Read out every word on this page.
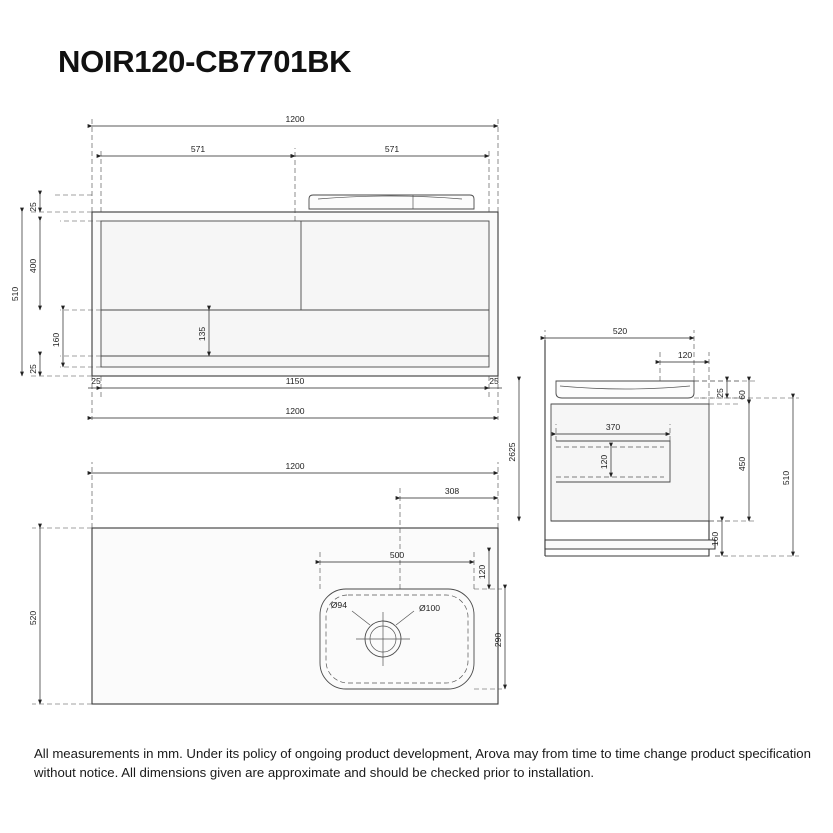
NOIR120-CB7701BK
1200
571	571
25
510
400
160
25
135
1150
25	25
1200
520
120
25 60
370
120
160
2625
450
510
Ø94	Ø100
1200
308
500
120
290
520
All measurements in mm. Under its policy of ongoing product development, Arova may from time to time change product specification without notice. All dimensions given are approximate and should be checked prior to installation.
